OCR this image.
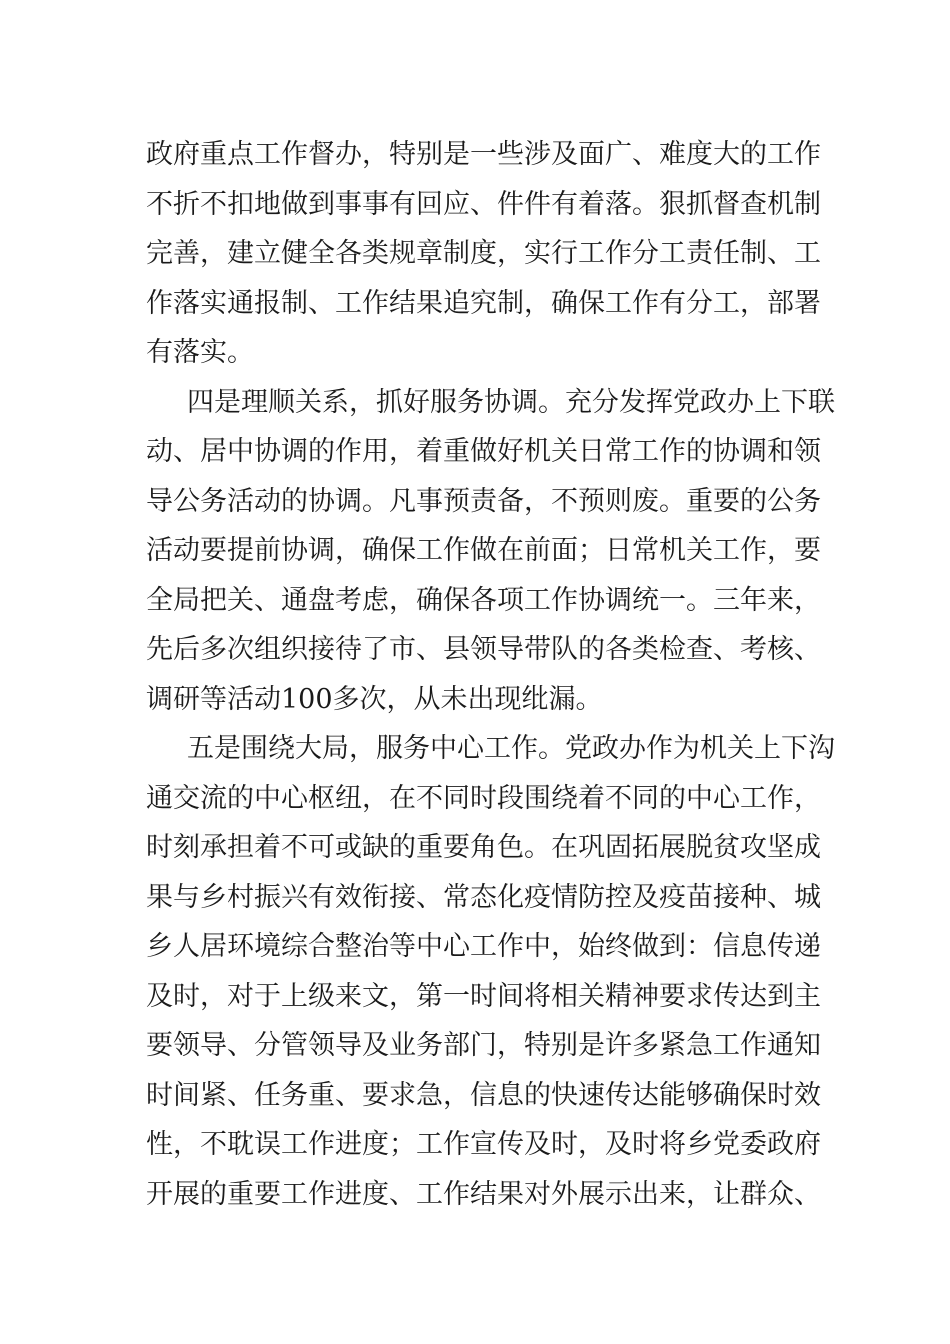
政府重点工作督办，特别是一些涉及面广、难度大的工作
不折不扣地做到事事有回应、件件有着落。狠抓督查机制
完善，建立健全各类规章制度，实行工作分工责任制、工
作落实通报制、工作结果追究制，确保工作有分工，部署
有落实。
四是理顺关系，抓好服务协调。充分发挥党政办上下联
动、居中协调的作用，着重做好机关日常工作的协调和领
导公务活动的协调。凡事预责备，不预则废。重要的公务
活动要提前协调，确保工作做在前面；日常机关工作，要
全局把关、通盘考虑，确保各项工作协调统一。三年来，
先后多次组织接待了市、县领导带队的各类检查、考核、
调研等活动100多次，从未出现纰漏。
五是围绕大局，服务中心工作。党政办作为机关上下沟
通交流的中心枢纽，在不同时段围绕着不同的中心工作，
时刻承担着不可或缺的重要角色。在巩固拓展脱贫攻坚成
果与乡村振兴有效衔接、常态化疫情防控及疫苗接种、城
乡人居环境综合整治等中心工作中，始终做到：信息传递
及时，对于上级来文，第一时间将相关精神要求传达到主
要领导、分管领导及业务部门，特别是许多紧急工作通知
时间紧、任务重、要求急，信息的快速传达能够确保时效
性，不耽误工作进度；工作宣传及时，及时将乡党委政府
开展的重要工作进度、工作结果对外展示出来，让群众、
